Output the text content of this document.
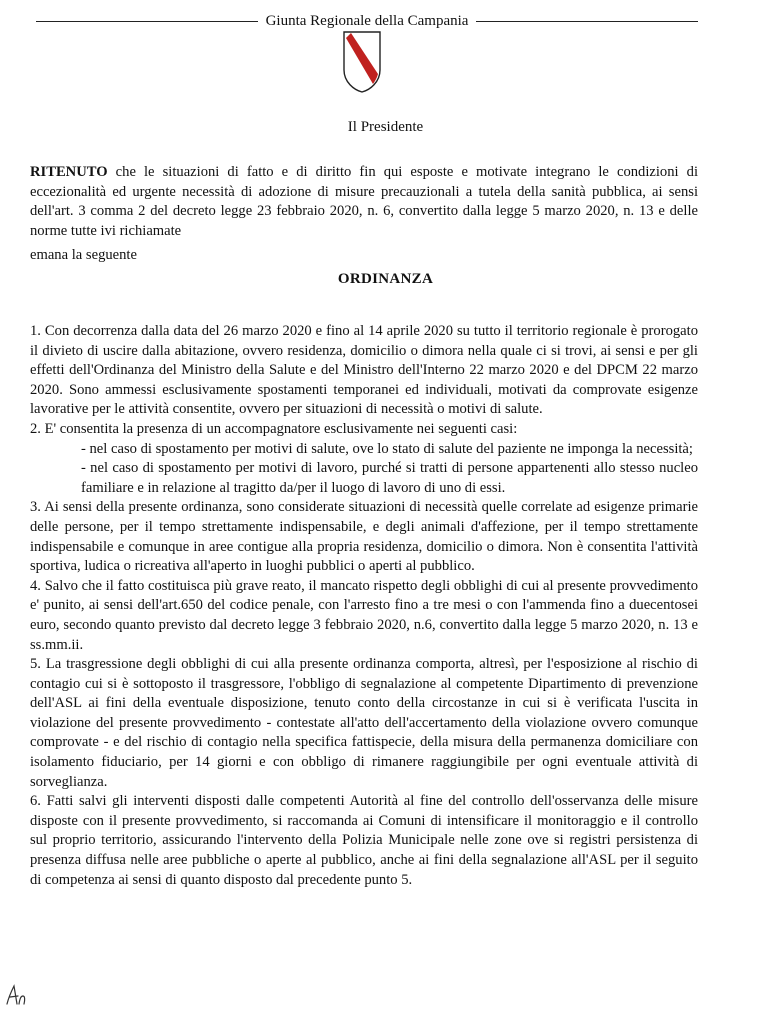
Giunta Regionale della Campania
Il Presidente
RITENUTO che le situazioni di fatto e di diritto fin qui esposte e motivate integrano le condizioni di eccezionalità ed urgente necessità di adozione di misure precauzionali a tutela della sanità pubblica, ai sensi dell'art. 3 comma 2 del decreto legge 23 febbraio 2020, n. 6, convertito dalla legge 5 marzo 2020, n. 13 e delle norme tutte ivi richiamate
emana la seguente
ORDINANZA

1. Con decorrenza dalla data del 26 marzo 2020 e fino al 14 aprile 2020 su tutto il territorio regionale è prorogato il divieto di uscire dalla abitazione, ovvero residenza, domicilio o dimora nella quale ci si trovi, ai sensi e per gli effetti dell'Ordinanza del Ministro della Salute e del Ministro dell'Interno 22 marzo 2020 e del DPCM 22 marzo 2020. Sono ammessi esclusivamente spostamenti temporanei ed individuali, motivati da comprovate esigenze lavorative per le attività consentite, ovvero per situazioni di necessità o motivi di salute.

2. E' consentita la presenza di un accompagnatore esclusivamente nei seguenti casi:

- nel caso di spostamento per motivi di salute, ove lo stato di salute del paziente ne imponga la necessità;

- nel caso di spostamento per motivi di lavoro, purché si tratti di persone appartenenti allo stesso nucleo familiare e in relazione al tragitto da/per il luogo di lavoro di uno di essi.

3. Ai sensi della presente ordinanza, sono considerate situazioni di necessità quelle correlate ad esigenze primarie delle persone, per il tempo strettamente indispensabile, e degli animali d'affezione, per il tempo strettamente indispensabile e comunque in aree contigue alla propria residenza, domicilio o dimora. Non è consentita l'attività sportiva, ludica o ricreativa all'aperto in luoghi pubblici o aperti al pubblico.

4. Salvo che il fatto costituisca più grave reato, il mancato rispetto degli obblighi di cui al presente provvedimento e' punito, ai sensi dell'art.650 del codice penale, con l'arresto fino a tre mesi o con l'ammenda fino a duecentosei euro, secondo quanto previsto dal decreto legge 3 febbraio 2020, n.6, convertito dalla legge 5 marzo 2020, n. 13 e ss.mm.ii.

5. La trasgressione degli obblighi di cui alla presente ordinanza comporta, altresì, per l'esposizione al rischio di contagio cui si è sottoposto il trasgressore, l'obbligo di segnalazione al competente Dipartimento di prevenzione dell'ASL ai fini della eventuale disposizione, tenuto conto della circostanze in cui si è verificata l'uscita in violazione del presente provvedimento - contestate all'atto dell'accertamento della violazione ovvero comunque comprovate - e del rischio di contagio nella specifica fattispecie, della misura della permanenza domiciliare con isolamento fiduciario, per 14 giorni e con obbligo di rimanere raggiungibile per ogni eventuale attività di sorveglianza.

6. Fatti salvi gli interventi disposti dalle competenti Autorità al fine del controllo dell'osservanza delle misure disposte con il presente provvedimento, si raccomanda ai Comuni di intensificare il monitoraggio e il controllo sul proprio territorio, assicurando l'intervento della Polizia Municipale nelle zone ove si registri persistenza di presenza diffusa nelle aree pubbliche o aperte al pubblico, anche ai fini della segnalazione all'ASL per il seguito di competenza ai sensi di quanto disposto dal precedente punto 5.
